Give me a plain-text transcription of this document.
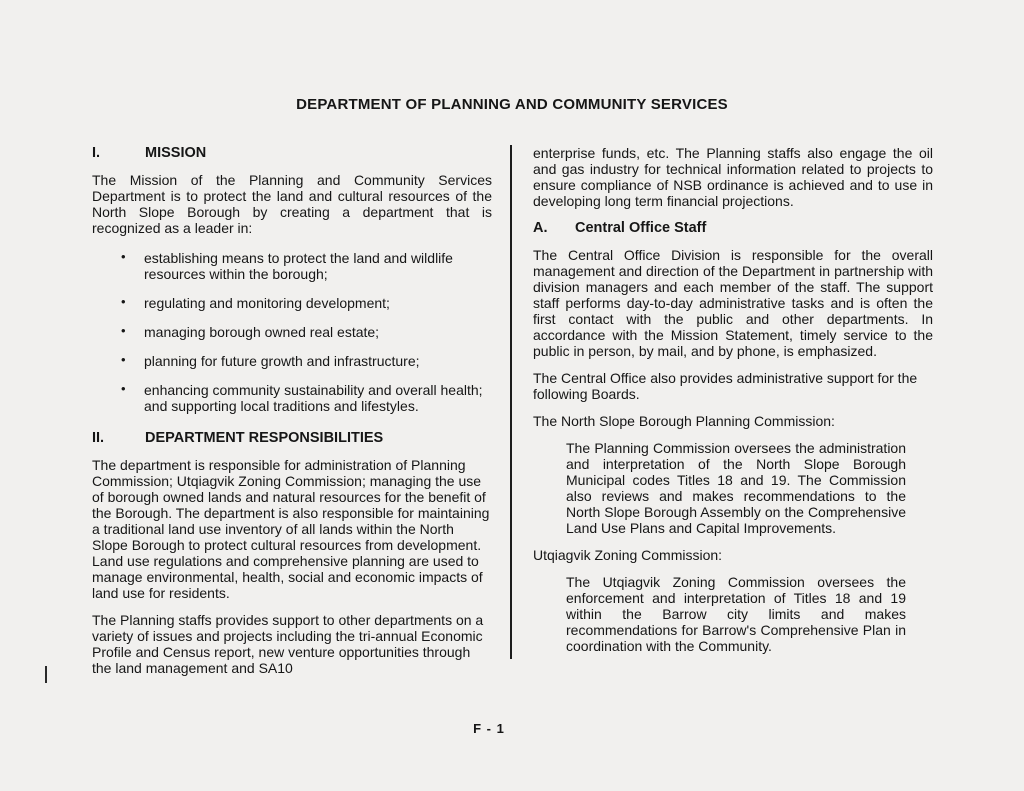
DEPARTMENT OF PLANNING AND COMMUNITY SERVICES
I.	MISSION

The Mission of the Planning and Community Services Department is to protect the land and cultural resources of the North Slope Borough by creating a department that is recognized as a leader in:

• establishing means to protect the land and wildlife resources within the borough;
• regulating and monitoring development;
• managing borough owned real estate;
• planning for future growth and infrastructure;
• enhancing community sustainability and overall health; and supporting local traditions and lifestyles.
II.	DEPARTMENT RESPONSIBILITIES

The department is responsible for administration of Planning Commission; Utqiagvik Zoning Commission; managing the use of borough owned lands and natural resources for the benefit of the Borough. The department is also responsible for maintaining a traditional land use inventory of all lands within the North Slope Borough to protect cultural resources from development. Land use regulations and comprehensive planning are used to manage environmental, health, social and economic impacts of land use for residents.

The Planning staffs provides support to other departments on a variety of issues and projects including the tri-annual Economic Profile and Census report, new venture opportunities through the land management and SA10

enterprise funds, etc. The Planning staffs also engage the oil and gas industry for technical information related to projects to ensure compliance of NSB ordinance is achieved and to use in developing long term financial projections.

A.	Central Office Staff

The Central Office Division is responsible for the overall management and direction of the Department in partnership with division managers and each member of the staff. The support staff performs day-to-day administrative tasks and is often the first contact with the public and other departments. In accordance with the Mission Statement, timely service to the public in person, by mail, and by phone, is emphasized.

The Central Office also provides administrative support for the following Boards.

The North Slope Borough Planning Commission:

The Planning Commission oversees the administration and interpretation of the North Slope Borough Municipal codes Titles 18 and 19. The Commission also reviews and makes recommendations to the North Slope Borough Assembly on the Comprehensive Land Use Plans and Capital Improvements.

Utqiagvik Zoning Commission:

The Utqiagvik Zoning Commission oversees the enforcement and interpretation of Titles 18 and 19 within the Barrow city limits and makes recommendations for Barrow's Comprehensive Plan in coordination with the Community.

F - 1
